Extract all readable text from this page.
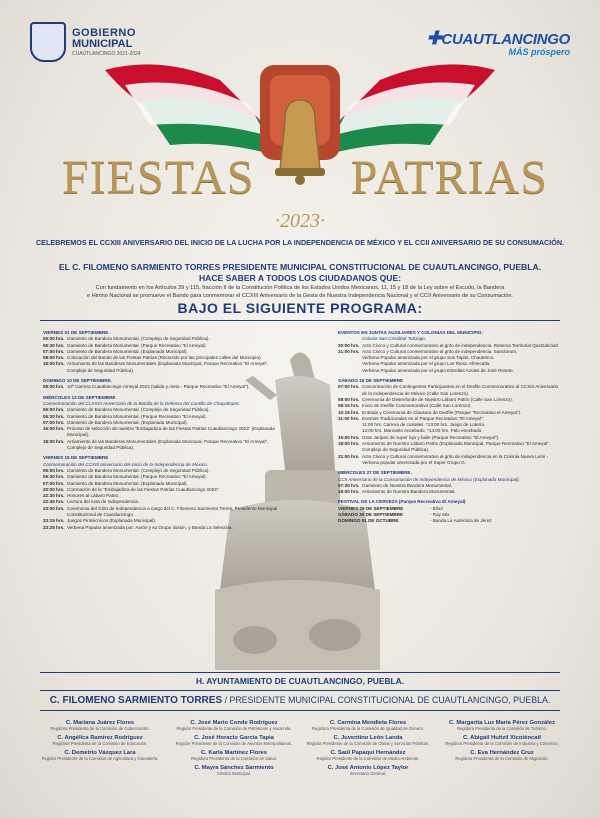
GOBIERNO
MUNICIPAL
CUAUTLANCINGO 2021-2024
✚CUAUTLANCINGO
MÁS próspero
FIESTAS PATRIAS
·2023·
CELEBREMOS EL CCXIII ANIVERSARIO DEL INICIO DE LA LUCHA POR LA INDEPENDENCIA DE MÉXICO Y EL CCII ANIVERSARIO DE SU CONSUMACIÓN.
EL C. FILOMENO SARMIENTO TORRES PRESIDENTE MUNICIPAL CONSTITUCIONAL DE CUAUTLANCINGO, PUEBLA.
HACE SABER A TODOS LOS CIUDADANOS QUE:
Con fundamento en los Artículos 39 y 115, fracción II de la Constitución Política de los Estados Unidos Mexicanos, 11, 15 y 18 de la Ley sobre el Escudo, la Bandera
e Himno Nacional se promueve el Bando para conmemorar el CCXIII Aniversario de la Gesta de Nuestra Independencia Nacional y el CCII Aniversario de su Consumación.
BAJO EL SIGUIENTE PROGRAMA:
VIERNES 01 DE SEPTIEMBRE.
06:00 hrs. Izamiento de Bandera Monumental. (Complejo de Seguridad Pública).
06:30 hrs. Izamiento de Bandera Monumental. (Parque Recreativo "El Ameyal).
07:00 hrs. Izamiento de Bandera Monumental. (Explanada Municipal).
08:00 hrs. Colocación del Bando de las Fiestas Patrias (Recorrido por las principales calles del Municipio).
18:00 hrs. Arriamiento de las Banderas Monumentales (Explanada Municipal, Parque Recreativo "El Ameyal", Complejo de Seguridad Pública).
DOMINGO 10 DE SEPTIEMBRE.
08:00 hrs. 10ª Carrera Cuautlancingo-Ameyal 2023 (salida y meta - Parque Recreativo "El Ameyal").
MIÉRCOLES 13 DE SEPTIEMBRE
Conmemoración del CLXXVI Aniversario de la Batalla de la Defensa del Castillo de Chapultepec.
06:00 hrs. Izamiento de Bandera Monumental. (Complejo de Seguridad Pública).
06:30 hrs. Izamiento de Bandera Monumental. (Parque Recreativo "El Ameyal).
07:00 hrs. Izamiento de Bandera Monumental. (Explanada Municipal).
16:00 hrs. Proceso de selección de nuestra "Embajadora de las Fiestas Patrias Cuautlancingo 2023" (Explanada Municipal).
18:00 hrs. Arriamiento de las Banderas Monumentales (Explanada Municipal, Parque Recreativo "El Ameyal", Complejo de Seguridad Pública).
VIERNES 15 DE SEPTIEMBRE
Conmemoración del CCXIII aniversario del inicio de la Independencia de México.
06:00 hrs. Izamiento de Bandera Monumental. (Complejo de Seguridad Pública).
06:30 hrs. Izamiento de Bandera Monumental. (Parque Recreativo "El Ameyal).
07:00 hrs. Izamiento de Bandera Monumental. (Explanada Municipal).
20:00 hrs. Coronación de la "Embajadora de las Fiestas Patrias Cuautlancingo 2023".
22:30 hrs. Honores al Lábaro Patrio.
22:45 hrs. Lectura del Acta de Independencia.
23:00 hrs. Ceremonia del Grito de Independencia a cargo del C. Filomeno Sarmiento Torres, Presidente Municipal Constitucional de Cuautlancingo.
23:15 hrs. Juegos Pirotécnicos (Explanada Municipal).
23:25 hrs. Verbena Popular amenizada por: Aarón y su Grupo Ilusión, y Banda La Selectiva.
EVENTOS EN JUNTAS AUXILIARES Y COLONIAS DEL MUNICIPIO:
Colonia San Cristóbal Tulcingo.
20:00 hrs. Acto Cívico y Cultural conmemorativo al grito de independencia. Reserva Territorial Quetzalcóatl.
21:00 hrs. Acto Cívico y Cultural conmemorativo al grito de independencia. Sanctorum.
Verbena Popular amenizada por el grupo Sus Tapito. Chautenco.
Verbena Popular amenizada por el grupo Los Riera. Almecatla.
Verbena Popular amenizada por el grupo Estrellas Azules de José Rosete.
SÁBADO 16 DE SEPTIEMBRE
07:00 hrs. Concentración de Contingentes Participantes en el Desfile Conmemorativo al CCXIII Aniversario de la Independencia de México (Calle San Lorenzo).
08:00 hrs. Ceremonia de Desenfunde de Nuestro Lábaro Patrio (Calle San Lorenzo).
08:15 hrs. Inicio de Desfile Conmemorativo (Calle San Lorenzo).
10:15 hrs. Entrada y Ceremonia de Clausura de Desfile (Parque "Recreativo el Ameyal").
11:00 hrs. Eventos Tradicionales en el Parque Recreativo "El Ameyal":
11:00 hrs. Carrera de costales. *13:00 hrs. Juego de Lotería.
12:00 hrs. Marranito encebado. *14:00 hrs. Palo encebado.
15:00 hrs. Gran Jaripeo de super lujo y baile (Parque Recreativo "El Ameyal").
18:00 hrs. Arriamiento de Nuestro Lábaro Patrio (Explanada Municipal, Parque Recreativo "El Ameyal", Complejo de Seguridad Pública).
21:00 hrs. Acto Cívico y Cultural conmemorativo al grito de independencia en la Colonia Nueva León - Verbena popular amenizada por el Super Grupo G.
MIÉRCOLES 27 DE SEPTIEMBRE.
CCII Aniversario de la Consumación de Independencia de México (Explanada Municipal).
07:30 hrs. Izamiento de Nuestra Bandera Monumental.
18:00 hrs. Arriamiento de Nuestra Bandera Monumental.
FESTIVAL DE LA CERVEZA (Parque Recreativo El Ameyal)
VIERNES 29 DE SEPTIEMBRE	- Elíxir
SÁBADO 30 DE SEPTIEMBRE	- Ray Mix
DOMINGO 01 DE OCTUBRE	- Banda La Auténtica de Jerez
H. AYUNTAMIENTO DE CUAUTLANCINGO, PUEBLA.
C. FILOMENO SARMIENTO TORRES / PRESIDENTE MUNICIPAL CONSTITUCIONAL DE CUAUTLANCINGO, PUEBLA.
C. Mariana Juárez Flores
Regidora Presidenta de la Comisión de Gobernación.
C. José Mario Conde Rodríguez
Regidor Presidente de la Comisión de Patrimonio y Hacienda.
C. Carmina Mendieta Flores
Regidora Presidenta de la Comisión de Igualdad de Género.
C. Margarita Luz María Pérez González
Regidora Presidenta de la Comisión de Turismo.
C. Angélica Ramírez Rodríguez
Regidora Presidenta de la Comisión de Educación.
C. José Horacio García Tapia
Regidor Presidente de la Comisión de Asuntos Metropolitanos.
C. Juventino León Landa
Regidor Presidente de la Comisión de Obras y Servicios Públicos.
C. Abigail Huitzil Xicoténcatl
Regidora Presidenta de la Comisión de Industria y Comercio.
C. Demetrio Vázquez Lara
Regidor Presidente de la Comisión de Agricultura y Ganadería.
C. Karla Martínez Flores
Regidora Presidenta de la Comisión de Salud.
C. Saúl Papaqui Hernández
Regidor Presidente de la Comisión de Medio Ambiente.
C. Eva Hernández Cruz
Regidora Presidenta de la Comisión de Migración.
C. Mayra Sánchez Sarmiento
Síndico Municipal.
C. José Antonio López Taylor
Secretario General.
